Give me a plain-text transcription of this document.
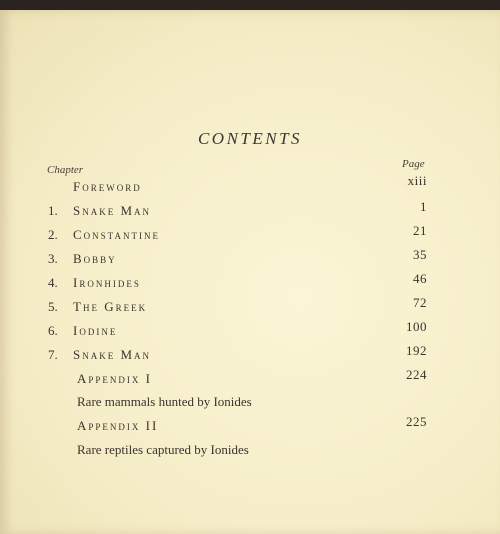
CONTENTS
Chapter	Page
Foreword	xiii
1.	Snake Man	1
2.	Constantine	21
3.	Bobby	35
4.	Ironhides	46
5.	The Greek	72
6.	Iodine	100
7.	Snake Man	192
Appendix I	224
Rare mammals hunted by Ionides
Appendix II	225
Rare reptiles captured by Ionides
